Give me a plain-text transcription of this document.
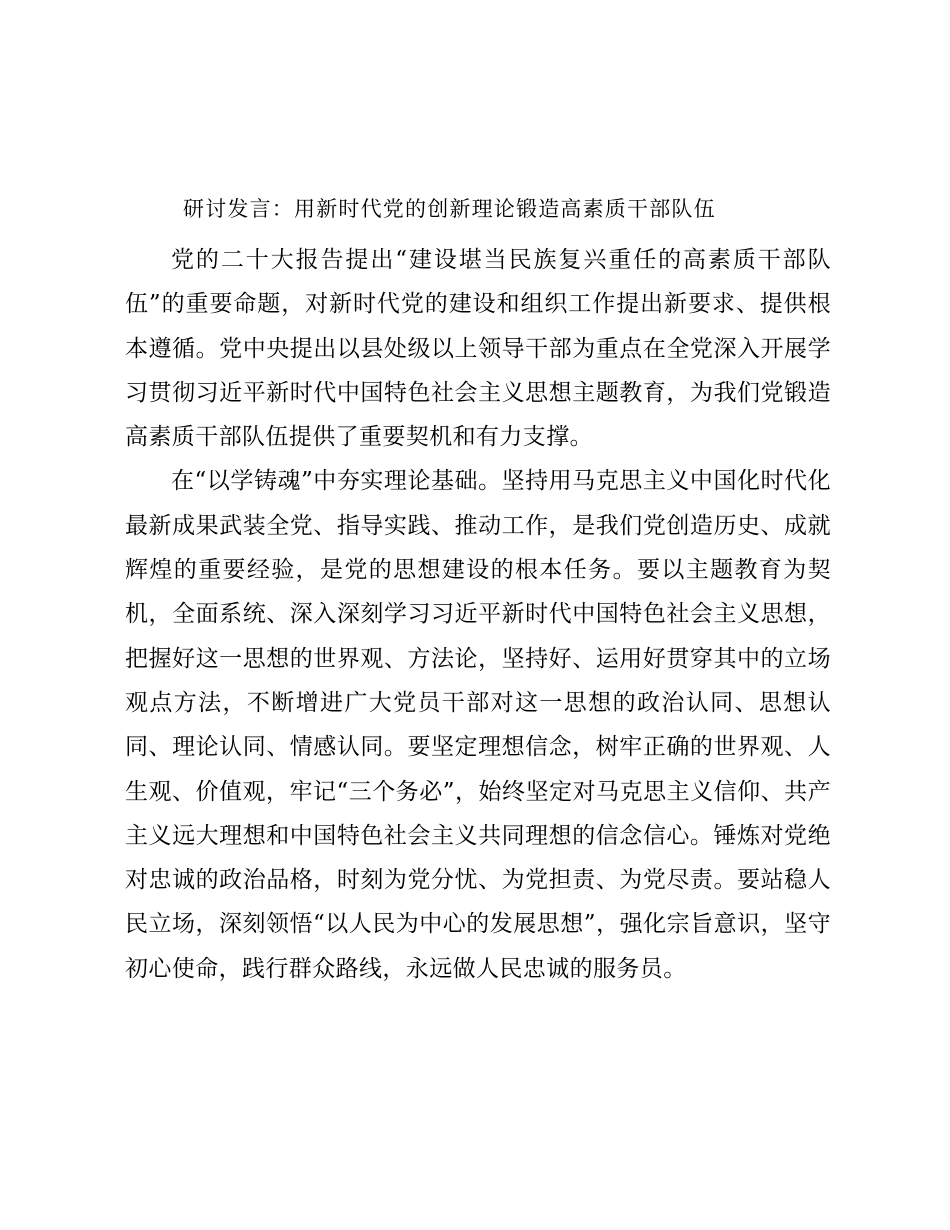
研讨发言：用新时代党的创新理论锻造高素质干部队伍

党的二十大报告提出“建设堪当民族复兴重任的高素质干部队伍”的重要命题，对新时代党的建设和组织工作提出新要求、提供根本遵循。党中央提出以县处级以上领导干部为重点在全党深入开展学习贯彻习近平新时代中国特色社会主义思想主题教育，为我们党锻造高素质干部队伍提供了重要契机和有力支撑。

在“以学铸魂”中夯实理论基础。坚持用马克思主义中国化时代化最新成果武装全党、指导实践、推动工作，是我们党创造历史、成就辉煌的重要经验，是党的思想建设的根本任务。要以主题教育为契机，全面系统、深入深刻学习习近平新时代中国特色社会主义思想，把握好这一思想的世界观、方法论，坚持好、运用好贯穿其中的立场观点方法，不断增进广大党员干部对这一思想的政治认同、思想认同、理论认同、情感认同。要坚定理想信念，树牢正确的世界观、人生观、价值观，牢记“三个务必”，始终坚定对马克思主义信仰、共产主义远大理想和中国特色社会主义共同理想的信念信心。锤炼对党绝对忠诚的政治品格，时刻为党分忧、为党担责、为党尽责。要站稳人民立场，深刻领悟“以人民为中心的发展思想”，强化宗旨意识，坚守初心使命，践行群众路线，永远做人民忠诚的服务员。
